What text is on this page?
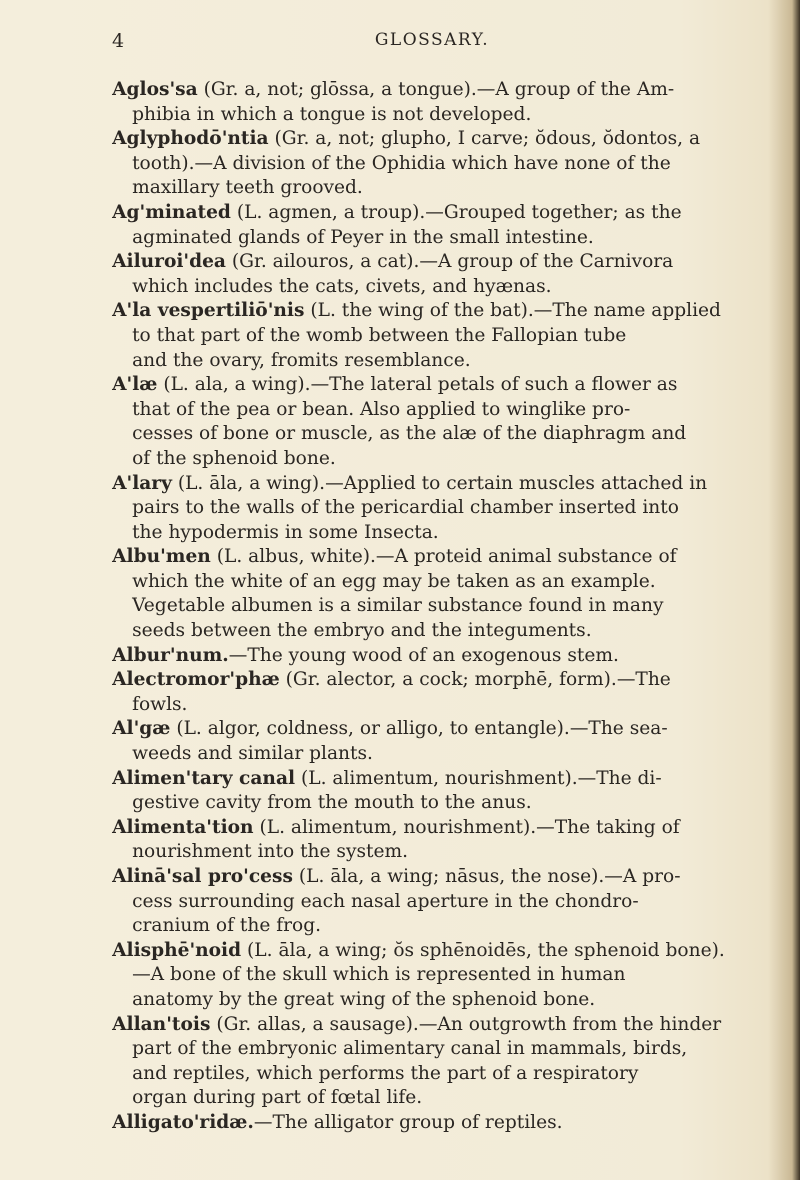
4	GLOSSARY.
Aglos'sa (Gr. a, not; glōssa, a tongue).—A group of the Am-
phibia in which a tongue is not developed.
Aglyphodō'ntia (Gr. a, not; glupho, I carve; ŏdous, ŏdontos, a
tooth).—A division of the Ophidia which have none of the
maxillary teeth grooved.
Ag'minated (L. agmen, a troup).—Grouped together; as the
agminated glands of Peyer in the small intestine.
Ailuroi'dea (Gr. ailouros, a cat).—A group of the Carnivora
which includes the cats, civets, and hyænas.
A'la vespertiliō'nis (L. the wing of the bat).—The name applied
to that part of the womb between the Fallopian tube
and the ovary, fromits resemblance.
A'læ (L. ala, a wing).—The lateral petals of such a flower as
that of the pea or bean. Also applied to winglike pro-
cesses of bone or muscle, as the alæ of the diaphragm and
of the sphenoid bone.
A'lary (L. āla, a wing).—Applied to certain muscles attached in
pairs to the walls of the pericardial chamber inserted into
the hypodermis in some Insecta.
Albu'men (L. albus, white).—A proteid animal substance of
which the white of an egg may be taken as an example.
Vegetable albumen is a similar substance found in many
seeds between the embryo and the integuments.
Albur'num.—The young wood of an exogenous stem.
Alectromor'phæ (Gr. alector, a cock; morphē, form).—The
fowls.
Al'gæ (L. algor, coldness, or alligo, to entangle).—The sea-
weeds and similar plants.
Alimen'tary canal (L. alimentum, nourishment).—The di-
gestive cavity from the mouth to the anus.
Alimenta'tion (L. alimentum, nourishment).—The taking of
nourishment into the system.
Alinā'sal pro'cess (L. āla, a wing; nāsus, the nose).—A pro-
cess surrounding each nasal aperture in the chondro-
cranium of the frog.
Alisphē'noid (L. āla, a wing; ŏs sphēnoidēs, the sphenoid bone).
—A bone of the skull which is represented in human
anatomy by the great wing of the sphenoid bone.
Allan'tois (Gr. allas, a sausage).—An outgrowth from the hinder
part of the embryonic alimentary canal in mammals, birds,
and reptiles, which performs the part of a respiratory
organ during part of fœtal life.
Alligato'ridæ.—The alligator group of reptiles.
